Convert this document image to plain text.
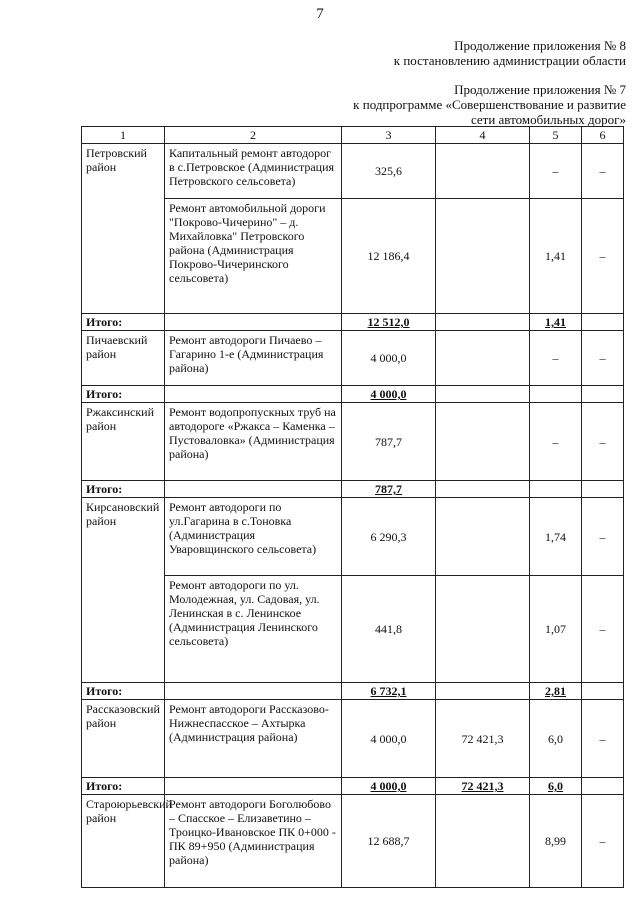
7
Продолжение приложения № 8
к постановлению администрации области
Продолжение приложения № 7
к подпрограмме «Совершенствование и развитие
сети автомобильных дорог»
1	2	3	4	5	6
Петровский район	Капитальный ремонт автодорог в с.Петровское (Администрация Петровского сельсовета)	325,6		–	–
	Ремонт автомобильной дороги "Покрово-Чичерино" – д. Михайловка" Петровского района (Администрация Покрово-Чичеринского сельсовета)	12 186,4		1,41	–
Итого:		12 512,0		1,41	
Пичаевский район	Ремонт автодороги Пичаево – Гагарино 1-е (Администрация района)	4 000,0		–	–
Итого:		4 000,0			
Ржаксинский район	Ремонт водопропускных труб на автодороге «Ржакса – Каменка – Пустоваловка» (Администрация района)	787,7		–	–
Итого:		787,7			
Кирсановский район	Ремонт автодороги по ул.Гагарина в с.Тоновка (Администрация Уваровщинского сельсовета)	6 290,3		1,74	–
	Ремонт автодороги по ул. Молодежная, ул. Садовая, ул. Ленинская в с. Ленинское (Администрация Ленинского сельсовета)	441,8		1,07	–
Итого:		6 732,1		2,81	
Рассказовский район	Ремонт автодороги Рассказово-Нижнеспасское – Ахтырка (Администрация района)	4 000,0	72 421,3	6,0	–
Итого:		4 000,0	72 421,3	6,0	
Староюрьевский район	Ремонт автодороги Боголюбово – Спасское – Елизаветино – Троицко-Ивановское ПК 0+000 - ПК 89+950 (Администрация района)	12 688,7		8,99	–
